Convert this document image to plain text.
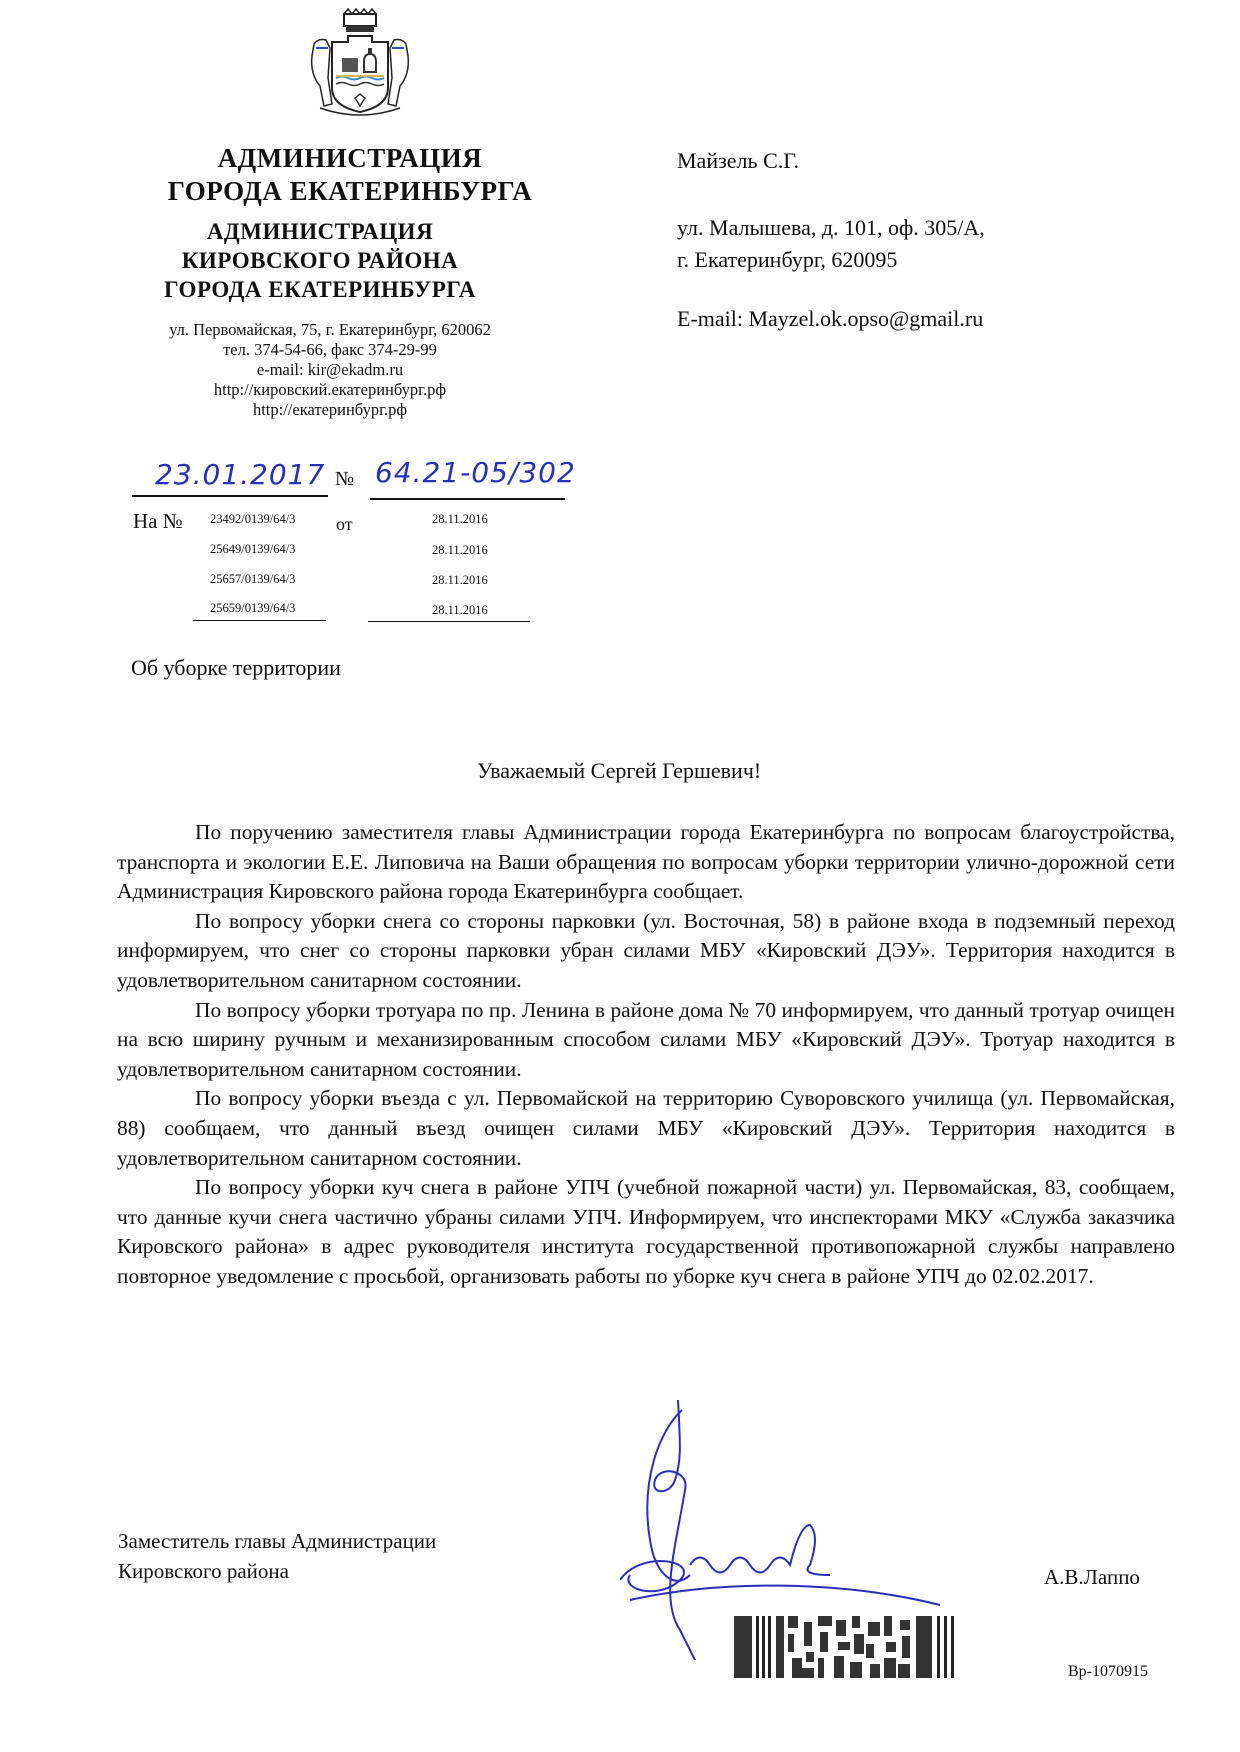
АДМИНИСТРАЦИЯ
ГОРОДА ЕКАТЕРИНБУРГА
АДМИНИСТРАЦИЯ
КИРОВСКОГО РАЙОНА
ГОРОДА ЕКАТЕРИНБУРГА
ул. Первомайская, 75, г. Екатеринбург, 620062
тел. 374-54-66, факс 374-29-99
e-mail: kir@ekadm.ru
http://кировский.екатеринбург.рф
http://екатеринбург.рф
Майзель С.Г.
ул. Малышева, д. 101, оф. 305/А,
г. Екатеринбург, 620095
E-mail: Mayzel.ok.opso@gmail.ru
23.01.2017 № 64.21-05/302
На №	от
23492/0139/64/3	28.11.2016
25649/0139/64/3	28.11.2016
25657/0139/64/3	28.11.2016
25659/0139/64/3	28.11.2016
Об уборке территории
Уважаемый Сергей Гершевич!

По поручению заместителя главы Администрации города Екатеринбурга по вопросам благоустройства, транспорта и экологии Е.Е. Липовича на Ваши обращения по вопросам уборки территории улично-дорожной сети Администрация Кировского района города Екатеринбурга сообщает.

По вопросу уборки снега со стороны парковки (ул. Восточная, 58) в районе входа в подземный переход информируем, что снег со стороны парковки убран силами МБУ «Кировский ДЭУ». Территория находится в удовлетворительном санитарном состоянии.

По вопросу уборки тротуара по пр. Ленина в районе дома № 70 информируем, что данный тротуар очищен на всю ширину ручным и механизированным способом силами МБУ «Кировский ДЭУ». Тротуар находится в удовлетворительном санитарном состоянии.

По вопросу уборки въезда с ул. Первомайской на территорию Суворовского училища (ул. Первомайская, 88) сообщаем, что данный въезд очищен силами МБУ «Кировский ДЭУ». Территория находится в удовлетворительном санитарном состоянии.

По вопросу уборки куч снега в районе УПЧ (учебной пожарной части) ул. Первомайская, 83, сообщаем, что данные кучи снега частично убраны силами УПЧ. Информируем, что инспекторами МКУ «Служба заказчика Кировского района» в адрес руководителя института государственной противопожарной службы направлено повторное уведомление с просьбой, организовать работы по уборке куч снега в районе УПЧ до 02.02.2017.

Заместитель главы Администрации
Кировского района	А.В.Лаппо
Вр-1070915
